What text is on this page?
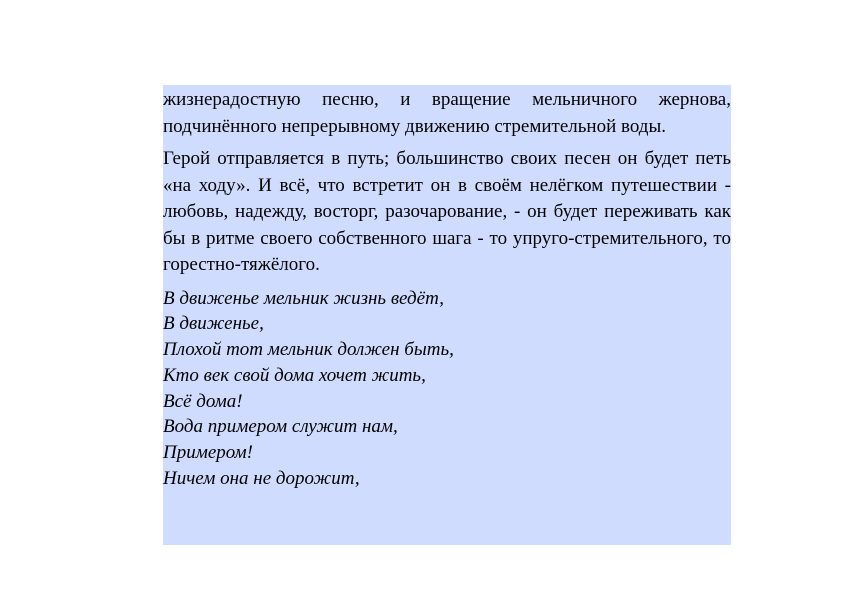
жизнерадостную песню, и вращение мельничного жернова, подчинённого непрерывному движению стремительной воды.

Герой отправляется в путь; большинство своих песен он будет петь «на ходу». И всё, что встретит он в своём нелёгком путешествии - любовь, надежду, восторг, разочарование, - он будет переживать как бы в ритме своего собственного шага - то упруго-стремительного, то горестно-тяжёлого.

В движенье мельник жизнь ведёт,
В движенье,
Плохой тот мельник должен быть,
Кто век свой дома хочет жить,
Всё дома!
Вода примером служит нам,
Примером!
Ничем она не дорожит,
